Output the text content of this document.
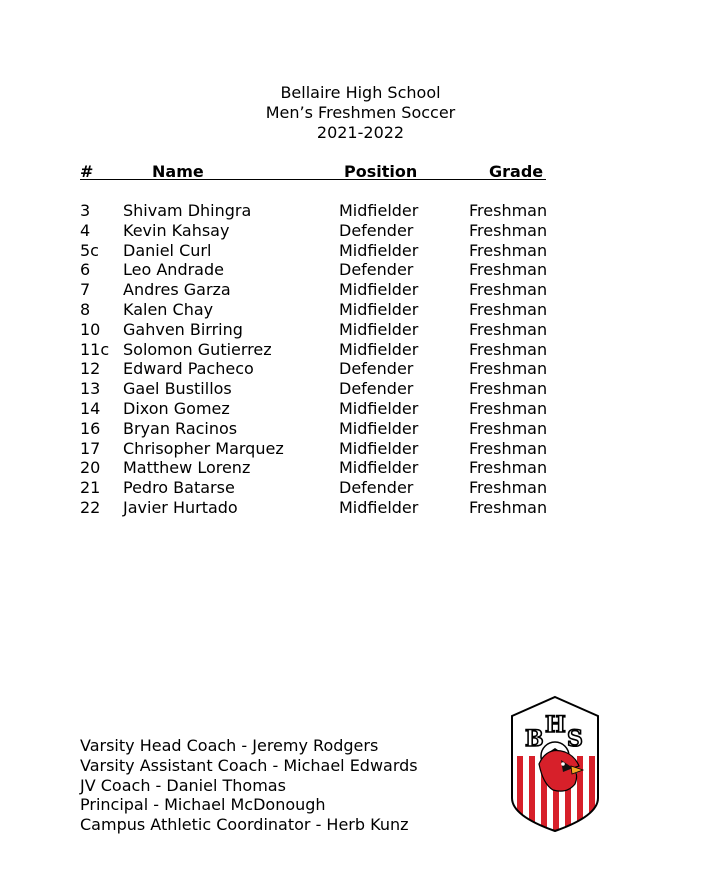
Bellaire High School
Men’s Freshmen Soccer
2021-2022
#	Name	Position	Grade
3 Shivam Dhingra	Midfielder	Freshman
4 Kevin Kahsay	Defender	Freshman
5c Daniel Curl	Midfielder	Freshman
6 Leo Andrade	Defender	Freshman
7 Andres Garza	Midfielder	Freshman
8 Kalen Chay	Midfielder	Freshman
10 Gahven Birring	Midfielder	Freshman
11c Solomon Gutierrez	Midfielder	Freshman
12 Edward Pacheco	Defender	Freshman
13 Gael Bustillos	Defender	Freshman
14 Dixon Gomez	Midfielder	Freshman
16 Bryan Racinos	Midfielder	Freshman
17 Chrisopher Marquez	Midfielder	Freshman
20 Matthew Lorenz	Midfielder	Freshman
21 Pedro Batarse	Defender	Freshman
22 Javier Hurtado	Midfielder	Freshman
Varsity Head Coach - Jeremy Rodgers
Varsity Assistant Coach - Michael Edwards
JV Coach - Daniel Thomas
Principal - Michael McDonough
Campus Athletic Coordinator - Herb Kunz
B
H
S
